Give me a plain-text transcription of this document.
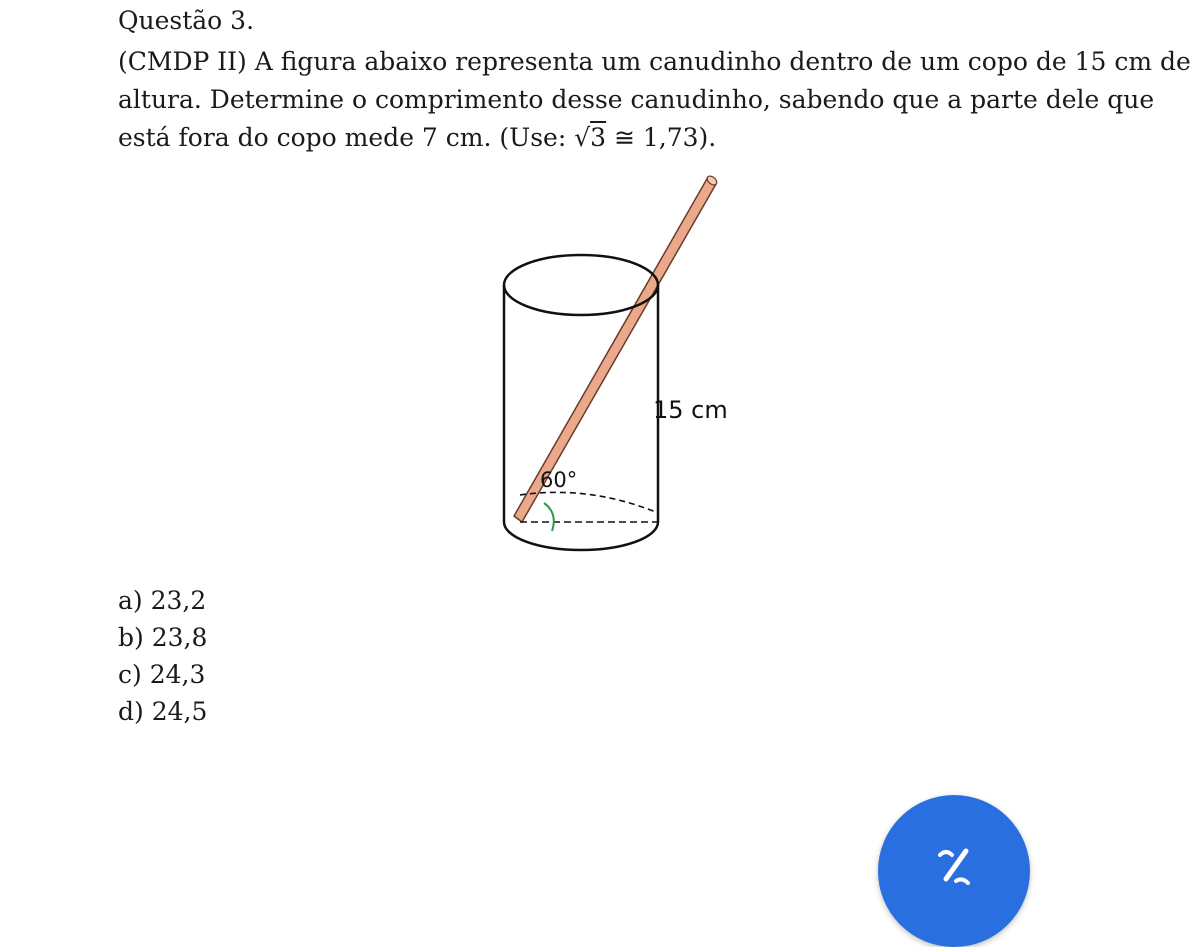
Questão 3.
(CMDP II) A figura abaixo representa um canudinho dentro de um copo de 15 cm de
altura. Determine o comprimento desse canudinho, sabendo que a parte dele que
está fora do copo mede 7 cm. (Use: √3 ≅ 1,73).
15 cm
60°
a) 23,2
b) 23,8
c) 24,3
d) 24,5
